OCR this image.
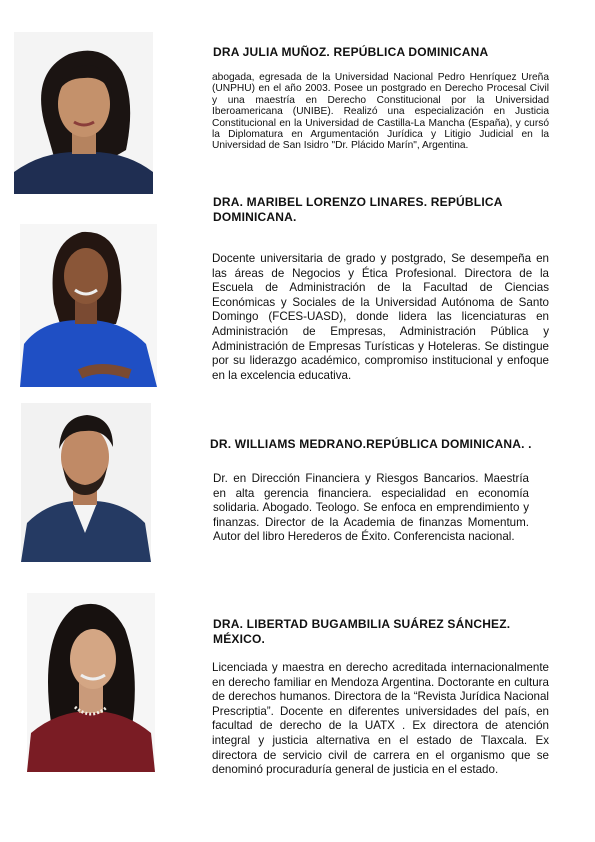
DRA JULIA MUÑOZ. REPÚBLICA DOMINICANA

abogada, egresada de la Universidad Nacional Pedro Henríquez Ureña (UNPHU) en el año 2003. Posee un postgrado en Derecho Procesal Civil y una maestría en Derecho Constitucional por la Universidad Iberoamericana (UNIBE). Realizó una especialización en Justicia Constitucional en la Universidad de Castilla-La Mancha (España), y cursó la Diplomatura en Argumentación Jurídica y Litigio Judicial en la Universidad de San Isidro "Dr. Plácido Marín", Argentina.

DRA. MARIBEL LORENZO LINARES. REPÚBLICA DOMINICANA.

Docente universitaria de grado y postgrado, Se desempeña en las áreas de Negocios y Ética Profesional. Directora de la Escuela de Administración de la Facultad de Ciencias Económicas y Sociales de la Universidad Autónoma de Santo Domingo (FCES-UASD), donde lidera las licenciaturas en Administración de Empresas, Administración Pública y Administración de Empresas Turísticas y Hoteleras. Se distingue por su liderazgo académico, compromiso institucional y enfoque en la excelencia educativa.

DR. WILLIAMS MEDRANO.REPÚBLICA DOMINICANA. .

Dr. en Dirección Financiera y Riesgos Bancarios. Maestría en alta gerencia financiera. especialidad en economía solidaria. Abogado. Teologo. Se enfoca en emprendimiento y finanzas. Director de la Academia de finanzas Momentum. Autor del libro Herederos de Éxito. Conferencista nacional.

DRA. LIBERTAD BUGAMBILIA SUÁREZ SÁNCHEZ. MÉXICO.

Licenciada y maestra en derecho acreditada internacionalmente en derecho familiar en Mendoza Argentina. Doctorante en cultura de derechos humanos. Directora de la “Revista Jurídica Nacional Prescriptia”. Docente en diferentes universidades del país, en facultad de derecho de la UATX . Ex directora de atención integral y justicia alternativa en el estado de Tlaxcala. Ex directora de servicio civil de carrera en el organismo que se denominó procuraduría general de justicia en el estado.
